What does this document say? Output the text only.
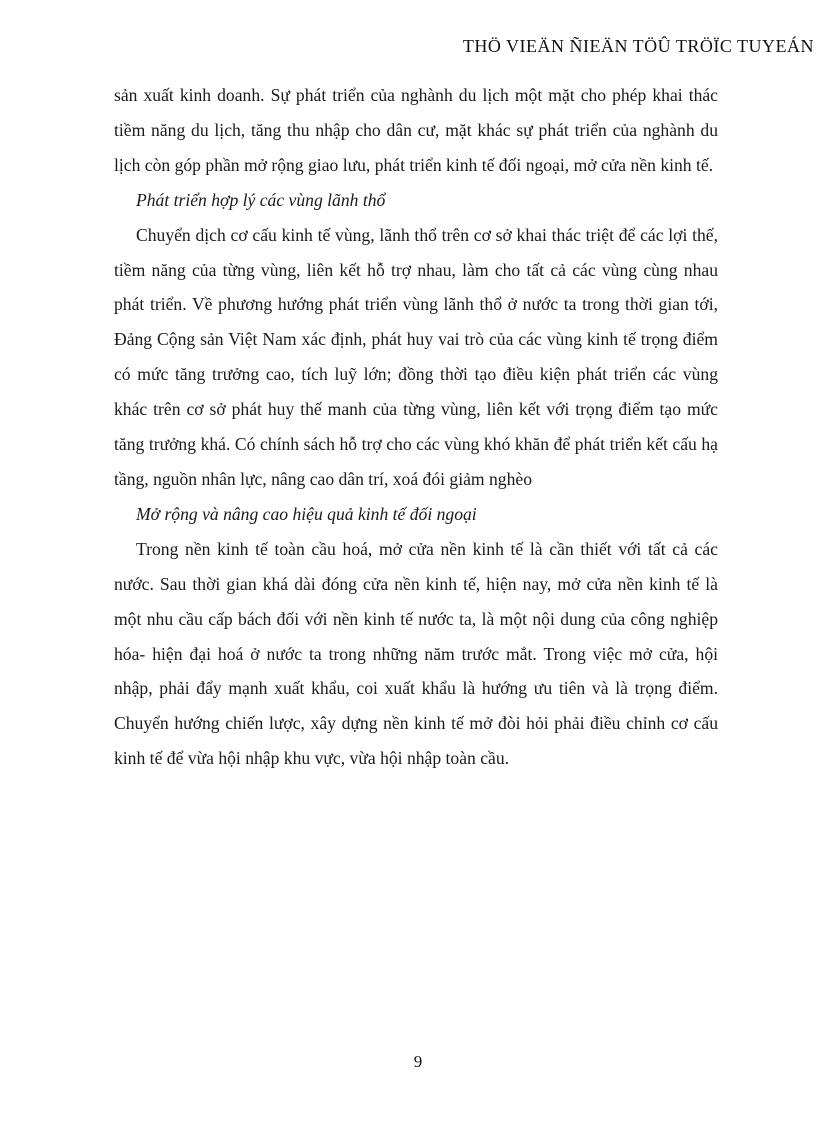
THÖ VIEÄN ÑIEÄN TÖÛ TRÖÏC TUYEÁN

sản xuất kinh doanh. Sự phát triển của nghành du lịch một mặt cho phép khai thác tiềm năng du lịch, tăng thu nhập cho dân cư, mặt khác sự phát triển của nghành du lịch còn góp phần mở rộng giao lưu, phát triển kinh tế đối ngoại, mở cửa nền kinh tế.

Phát triển hợp lý các vùng lãnh thổ

Chuyển dịch cơ cấu kinh tế vùng, lãnh thổ trên cơ sở khai thác triệt để các lợi thế, tiềm năng của từng vùng, liên kết hỗ trợ nhau, làm cho tất cả các vùng cùng nhau phát triển. Về phương hướng phát triển vùng lãnh thổ ở nước ta trong thời gian tới, Đảng Cộng sản Việt Nam xác định, phát huy vai trò của các vùng kinh tế trọng điểm có mức tăng trưởng cao, tích luỹ lớn; đồng thời tạo điều kiện phát triển các vùng khác trên cơ sở phát huy thế manh của từng vùng, liên kết với trọng điểm tạo mức tăng trưởng khá. Có chính sách hỗ trợ cho các vùng khó khăn để phát triển kết cấu hạ tầng, nguồn nhân lực, nâng cao dân trí, xoá đói giảm nghèo

Mở rộng và nâng cao hiệu quả kinh tế đối ngoại

Trong nền kinh tế toàn cầu hoá, mở cửa nền kinh tế là cần thiết với tất cả các nước. Sau thời gian khá dài đóng cửa nền kinh tế, hiện nay, mở cửa nền kinh tế là một nhu cầu cấp bách đối với nền kinh tế nước ta, là một nội dung của công nghiệp hóa- hiện đại hoá ở nước ta trong những năm trước mắt. Trong việc mở cửa, hội nhập, phải đẩy mạnh xuất khẩu, coi xuất khẩu là hướng ưu tiên và là trọng điểm. Chuyển hướng chiến lược, xây dựng nền kinh tế mở đòi hỏi phải điều chỉnh cơ cấu kinh tế để vừa hội nhập khu vực, vừa hội nhập toàn cầu.

9
